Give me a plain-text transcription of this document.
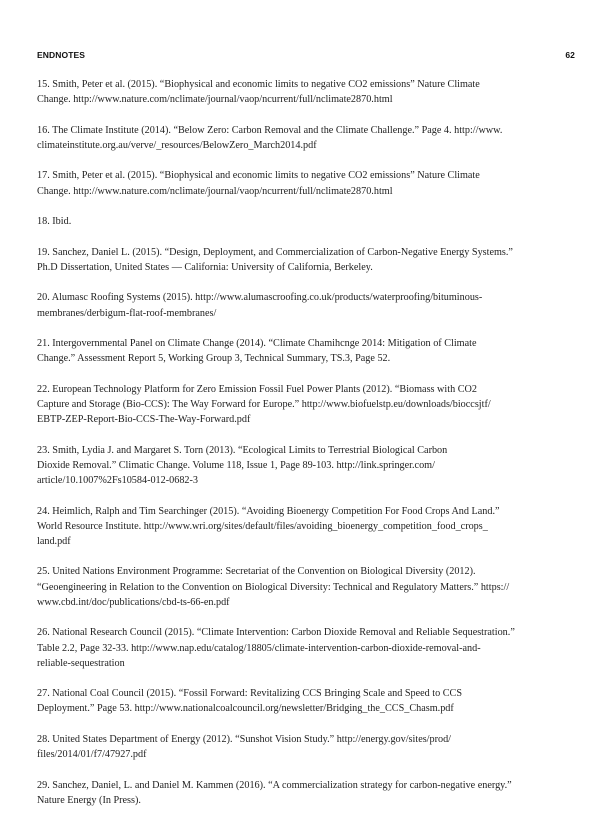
ENDNOTES	62
15. Smith, Peter et al. (2015). “Biophysical and economic limits to negative CO2 emissions” Nature Climate
Change. http://www.nature.com/nclimate/journal/vaop/ncurrent/full/nclimate2870.html
16. The Climate Institute (2014). “Below Zero: Carbon Removal and the Climate Challenge.” Page 4. http://www.
climateinstitute.org.au/verve/_resources/BelowZero_March2014.pdf
17. Smith, Peter et al. (2015). “Biophysical and economic limits to negative CO2 emissions” Nature Climate
Change. http://www.nature.com/nclimate/journal/vaop/ncurrent/full/nclimate2870.html
18. Ibid.
19. Sanchez, Daniel L. (2015). “Design, Deployment, and Commercialization of Carbon-Negative Energy Systems.”
Ph.D Dissertation, United States — California: University of California, Berkeley.
20. Alumasc Roofing Systems (2015). http://www.alumascroofing.co.uk/products/waterproofing/bituminous-
membranes/derbigum-flat-roof-membranes/
21. Intergovernmental Panel on Climate Change (2014). “Climate Chamihcnge 2014: Mitigation of Climate
Change.” Assessment Report 5, Working Group 3, Technical Summary, TS.3, Page 52.
22. European Technology Platform for Zero Emission Fossil Fuel Power Plants (2012). “Biomass with CO2
Capture and Storage (Bio-CCS): The Way Forward for Europe.” http://www.biofuelstp.eu/downloads/bioccsjtf/
EBTP-ZEP-Report-Bio-CCS-The-Way-Forward.pdf
23. Smith, Lydia J. and Margaret S. Torn (2013). “Ecological Limits to Terrestrial Biological Carbon
Dioxide Removal.” Climatic Change. Volume 118, Issue 1, Page 89-103. http://link.springer.com/
article/10.1007%2Fs10584-012-0682-3
24. Heimlich, Ralph and Tim Searchinger (2015). “Avoiding Bioenergy Competition For Food Crops And Land.”
World Resource Institute. http://www.wri.org/sites/default/files/avoiding_bioenergy_competition_food_crops_
land.pdf
25. United Nations Environment Programme: Secretariat of the Convention on Biological Diversity (2012).
“Geoengineering in Relation to the Convention on Biological Diversity: Technical and Regulatory Matters.” https://
www.cbd.int/doc/publications/cbd-ts-66-en.pdf
26. National Research Council (2015). “Climate Intervention: Carbon Dioxide Removal and Reliable Sequestration.”
Table 2.2, Page 32-33. http://www.nap.edu/catalog/18805/climate-intervention-carbon-dioxide-removal-and-
reliable-sequestration
27. National Coal Council (2015). “Fossil Forward: Revitalizing CCS Bringing Scale and Speed to CCS
Deployment.” Page 53. http://www.nationalcoalcouncil.org/newsletter/Bridging_the_CCS_Chasm.pdf
28. United States Department of Energy (2012). “Sunshot Vision Study.” http://energy.gov/sites/prod/
files/2014/01/f7/47927.pdf
29. Sanchez, Daniel, L. and Daniel M. Kammen (2016). “A commercialization strategy for carbon-negative energy.”
Nature Energy (In Press).
